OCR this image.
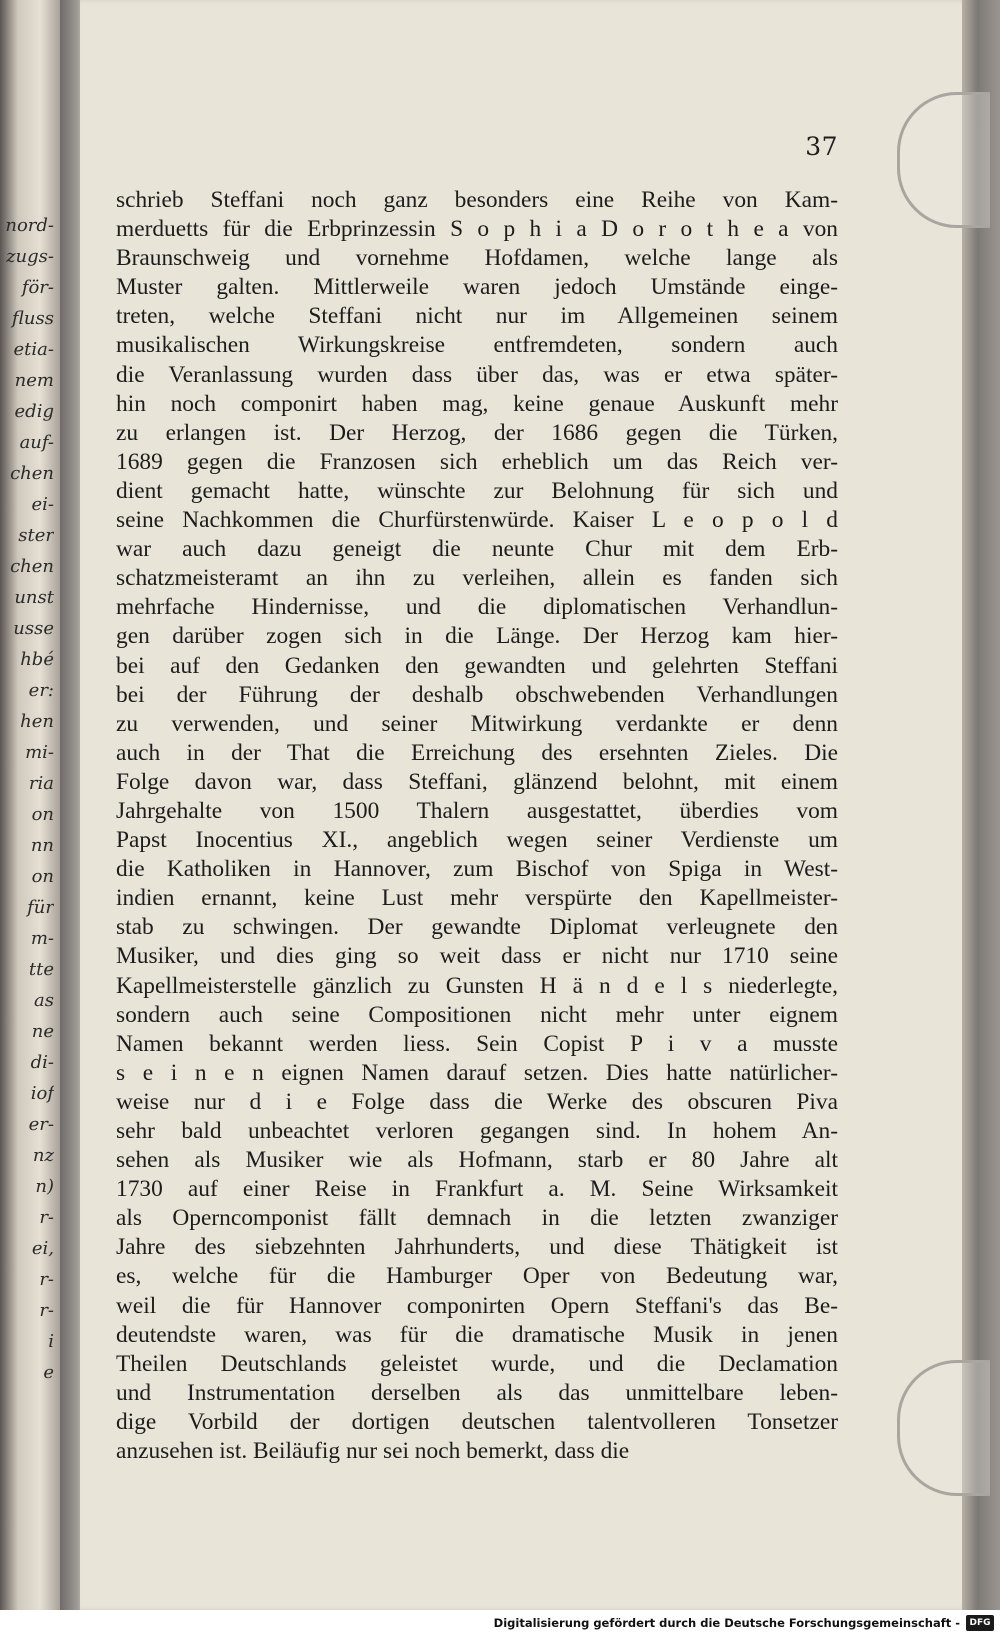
nord-
zugs-
för-
fluss
etia-
nem
edig
auf-
chen
ei-
ster
chen
unst
usse
hbé
er:
hen
mi-
ria
on
nn
on
für
m-
tte
as
ne
di-
iof
er-
nz
n)
r-
ei,
r-
r-
i
e
37
schrieb Steffani noch ganz besonders eine Reihe von Kam-
merduetts für die Erbprinzessin S o p h i a D o r o t h e a von
Braunschweig und vornehme Hofdamen, welche lange als
Muster galten. Mittlerweile waren jedoch Umstände einge-
treten, welche Steffani nicht nur im Allgemeinen seinem
musikalischen Wirkungskreise entfremdeten, sondern auch
die Veranlassung wurden dass über das, was er etwa später-
hin noch componirt haben mag, keine genaue Auskunft mehr
zu erlangen ist. Der Herzog, der 1686 gegen die Türken,
1689 gegen die Franzosen sich erheblich um das Reich ver-
dient gemacht hatte, wünschte zur Belohnung für sich und
seine Nachkommen die Churfürstenwürde. Kaiser L e o p o l d
war auch dazu geneigt die neunte Chur mit dem Erb-
schatzmeisteramt an ihn zu verleihen, allein es fanden sich
mehrfache Hindernisse, und die diplomatischen Verhandlun-
gen darüber zogen sich in die Länge. Der Herzog kam hier-
bei auf den Gedanken den gewandten und gelehrten Steffani
bei der Führung der deshalb obschwebenden Verhandlungen
zu verwenden, und seiner Mitwirkung verdankte er denn
auch in der That die Erreichung des ersehnten Zieles. Die
Folge davon war, dass Steffani, glänzend belohnt, mit einem
Jahrgehalte von 1500 Thalern ausgestattet, überdies vom
Papst Inocentius XI., angeblich wegen seiner Verdienste um
die Katholiken in Hannover, zum Bischof von Spiga in West-
indien ernannt, keine Lust mehr verspürte den Kapellmeister-
stab zu schwingen. Der gewandte Diplomat verleugnete den
Musiker, und dies ging so weit dass er nicht nur 1710 seine
Kapellmeisterstelle gänzlich zu Gunsten H ä n d e l s niederlegte,
sondern auch seine Compositionen nicht mehr unter eignem
Namen bekannt werden liess. Sein Copist P i v a musste
s e i n e n eignen Namen darauf setzen. Dies hatte natürlicher-
weise nur d i e Folge dass die Werke des obscuren Piva
sehr bald unbeachtet verloren gegangen sind. In hohem An-
sehen als Musiker wie als Hofmann, starb er 80 Jahre alt
1730 auf einer Reise in Frankfurt a. M. Seine Wirksamkeit
als Operncomponist fällt demnach in die letzten zwanziger
Jahre des siebzehnten Jahrhunderts, und diese Thätigkeit ist
es, welche für die Hamburger Oper von Bedeutung war,
weil die für Hannover componirten Opern Steffani's das Be-
deutendste waren, was für die dramatische Musik in jenen
Theilen Deutschlands geleistet wurde, und die Declamation
und Instrumentation derselben als das unmittelbare leben-
dige Vorbild der dortigen deutschen talentvolleren Tonsetzer
anzusehen ist. Beiläufig nur sei noch bemerkt, dass die
Digitalisierung gefördert durch die Deutsche Forschungsgemeinschaft -	DFG
